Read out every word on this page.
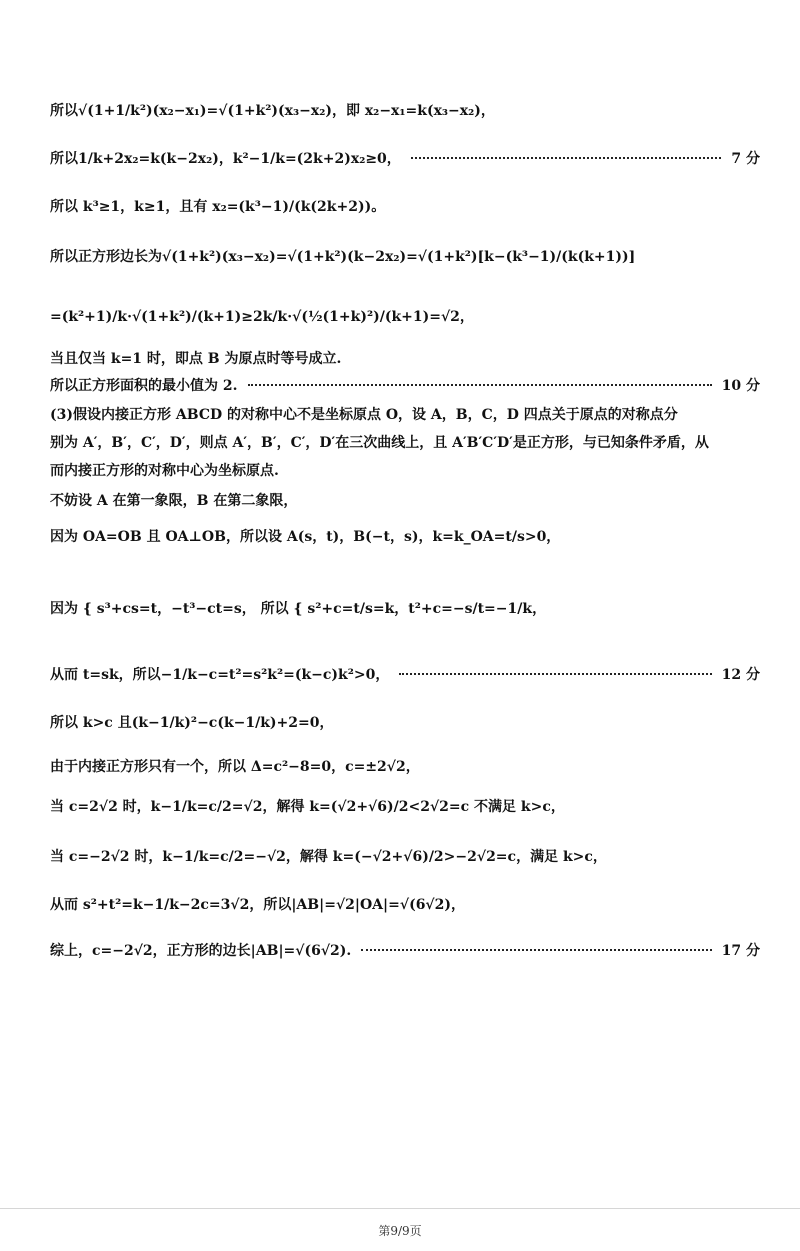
所以√(1+1/k²)(x₂−x₁)=√(1+k²)(x₃−x₂)，即 x₂−x₁=k(x₃−x₂)，
所以1/k+2x₂=k(k−2x₂)，k²−1/k=(2k+2)x₂≥0，	7 分
所以 k³≥1，k≥1，且有 x₂=(k³−1)/(k(2k+2))。
所以正方形边长为√(1+k²)(x₃−x₂)=√(1+k²)(k−2x₂)=√(1+k²)[k−(k³−1)/(k(k+1))]
=(k²+1)/k·√(1+k²)/(k+1)≥2k/k·√(½(1+k)²)/(k+1)=√2，
当且仅当 k=1 时，即点 B 为原点时等号成立.
所以正方形面积的最小值为 2.	10 分
(3)假设内接正方形 ABCD 的对称中心不是坐标原点 O，设 A，B，C，D 四点关于原点的对称点分
别为 A′，B′，C′，D′，则点 A′，B′，C′，D′在三次曲线上，且 A′B′C′D′是正方形，与已知条件矛盾，从
而内接正方形的对称中心为坐标原点.
不妨设 A 在第一象限，B 在第二象限，
因为 OA=OB 且 OA⊥OB，所以设 A(s，t)，B(−t，s)，k=k_OA=t/s>0，
因为 { s³+cs=t，−t³−ct=s， 所以 { s²+c=t/s=k，t²+c=−s/t=−1/k，
从而 t=sk，所以−1/k−c=t²=s²k²=(k−c)k²>0，	12 分
所以 k>c 且(k−1/k)²−c(k−1/k)+2=0，
由于内接正方形只有一个，所以 Δ=c²−8=0，c=±2√2，
当 c=2√2 时，k−1/k=c/2=√2，解得 k=(√2+√6)/2<2√2=c 不满足 k>c，
当 c=−2√2 时，k−1/k=c/2=−√2，解得 k=(−√2+√6)/2>−2√2=c，满足 k>c，
从而 s²+t²=k−1/k−2c=3√2，所以|AB|=√2|OA|=√(6√2)，
综上，c=−2√2，正方形的边长|AB|=√(6√2).	17 分
第9/9页
